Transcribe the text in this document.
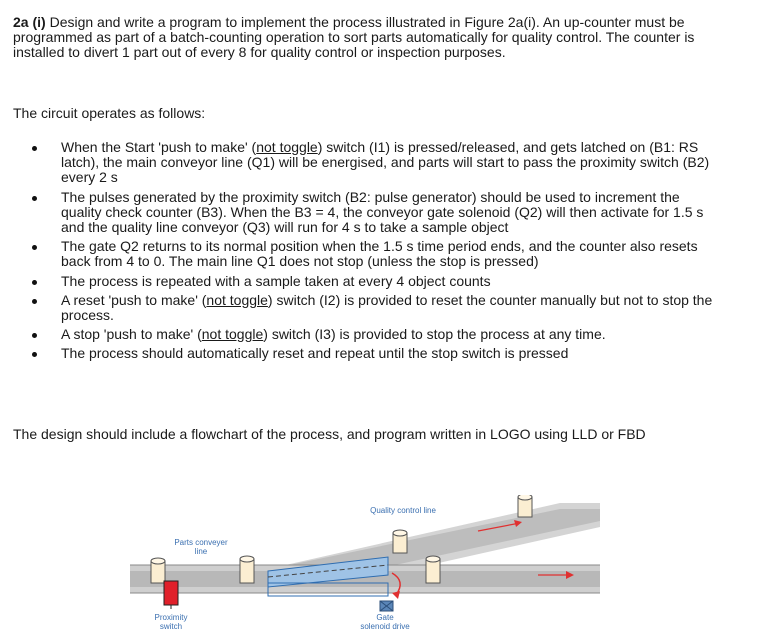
2a (i) Design and write a program to implement the process illustrated in Figure 2a(i). An up-counter must be programmed as part of a batch-counting operation to sort parts automatically for quality control. The counter is installed to divert 1 part out of every 8 for quality control or inspection purposes.
The circuit operates as follows:
When the Start 'push to make' (not toggle) switch (I1) is pressed/released, and gets latched on (B1: RS latch), the main conveyor line (Q1) will be energised, and parts will start to pass the proximity switch (B2) every 2 s
The pulses generated by the proximity switch (B2: pulse generator) should be used to increment the quality check counter (B3). When the B3 = 4, the conveyor gate solenoid (Q2) will then activate for 1.5 s and the quality line conveyor (Q3) will run for 4 s to take a sample object
The gate Q2 returns to its normal position when the 1.5 s time period ends, and the counter also resets back from 4 to 0. The main line Q1 does not stop (unless the stop is pressed)
The process is repeated with a sample taken at every 4 object counts
A reset 'push to make' (not toggle) switch (I2) is provided to reset the counter manually but not to stop the process.
A stop 'push to make' (not toggle) switch (I3) is provided to stop the process at any time.
The process should automatically reset and repeat until the stop switch is pressed
The design should include a flowchart of the process, and program written in LOGO using LLD or FBD
Quality control line
Parts conveyer
line
Proximity
switch
Gate
solenoid drive
